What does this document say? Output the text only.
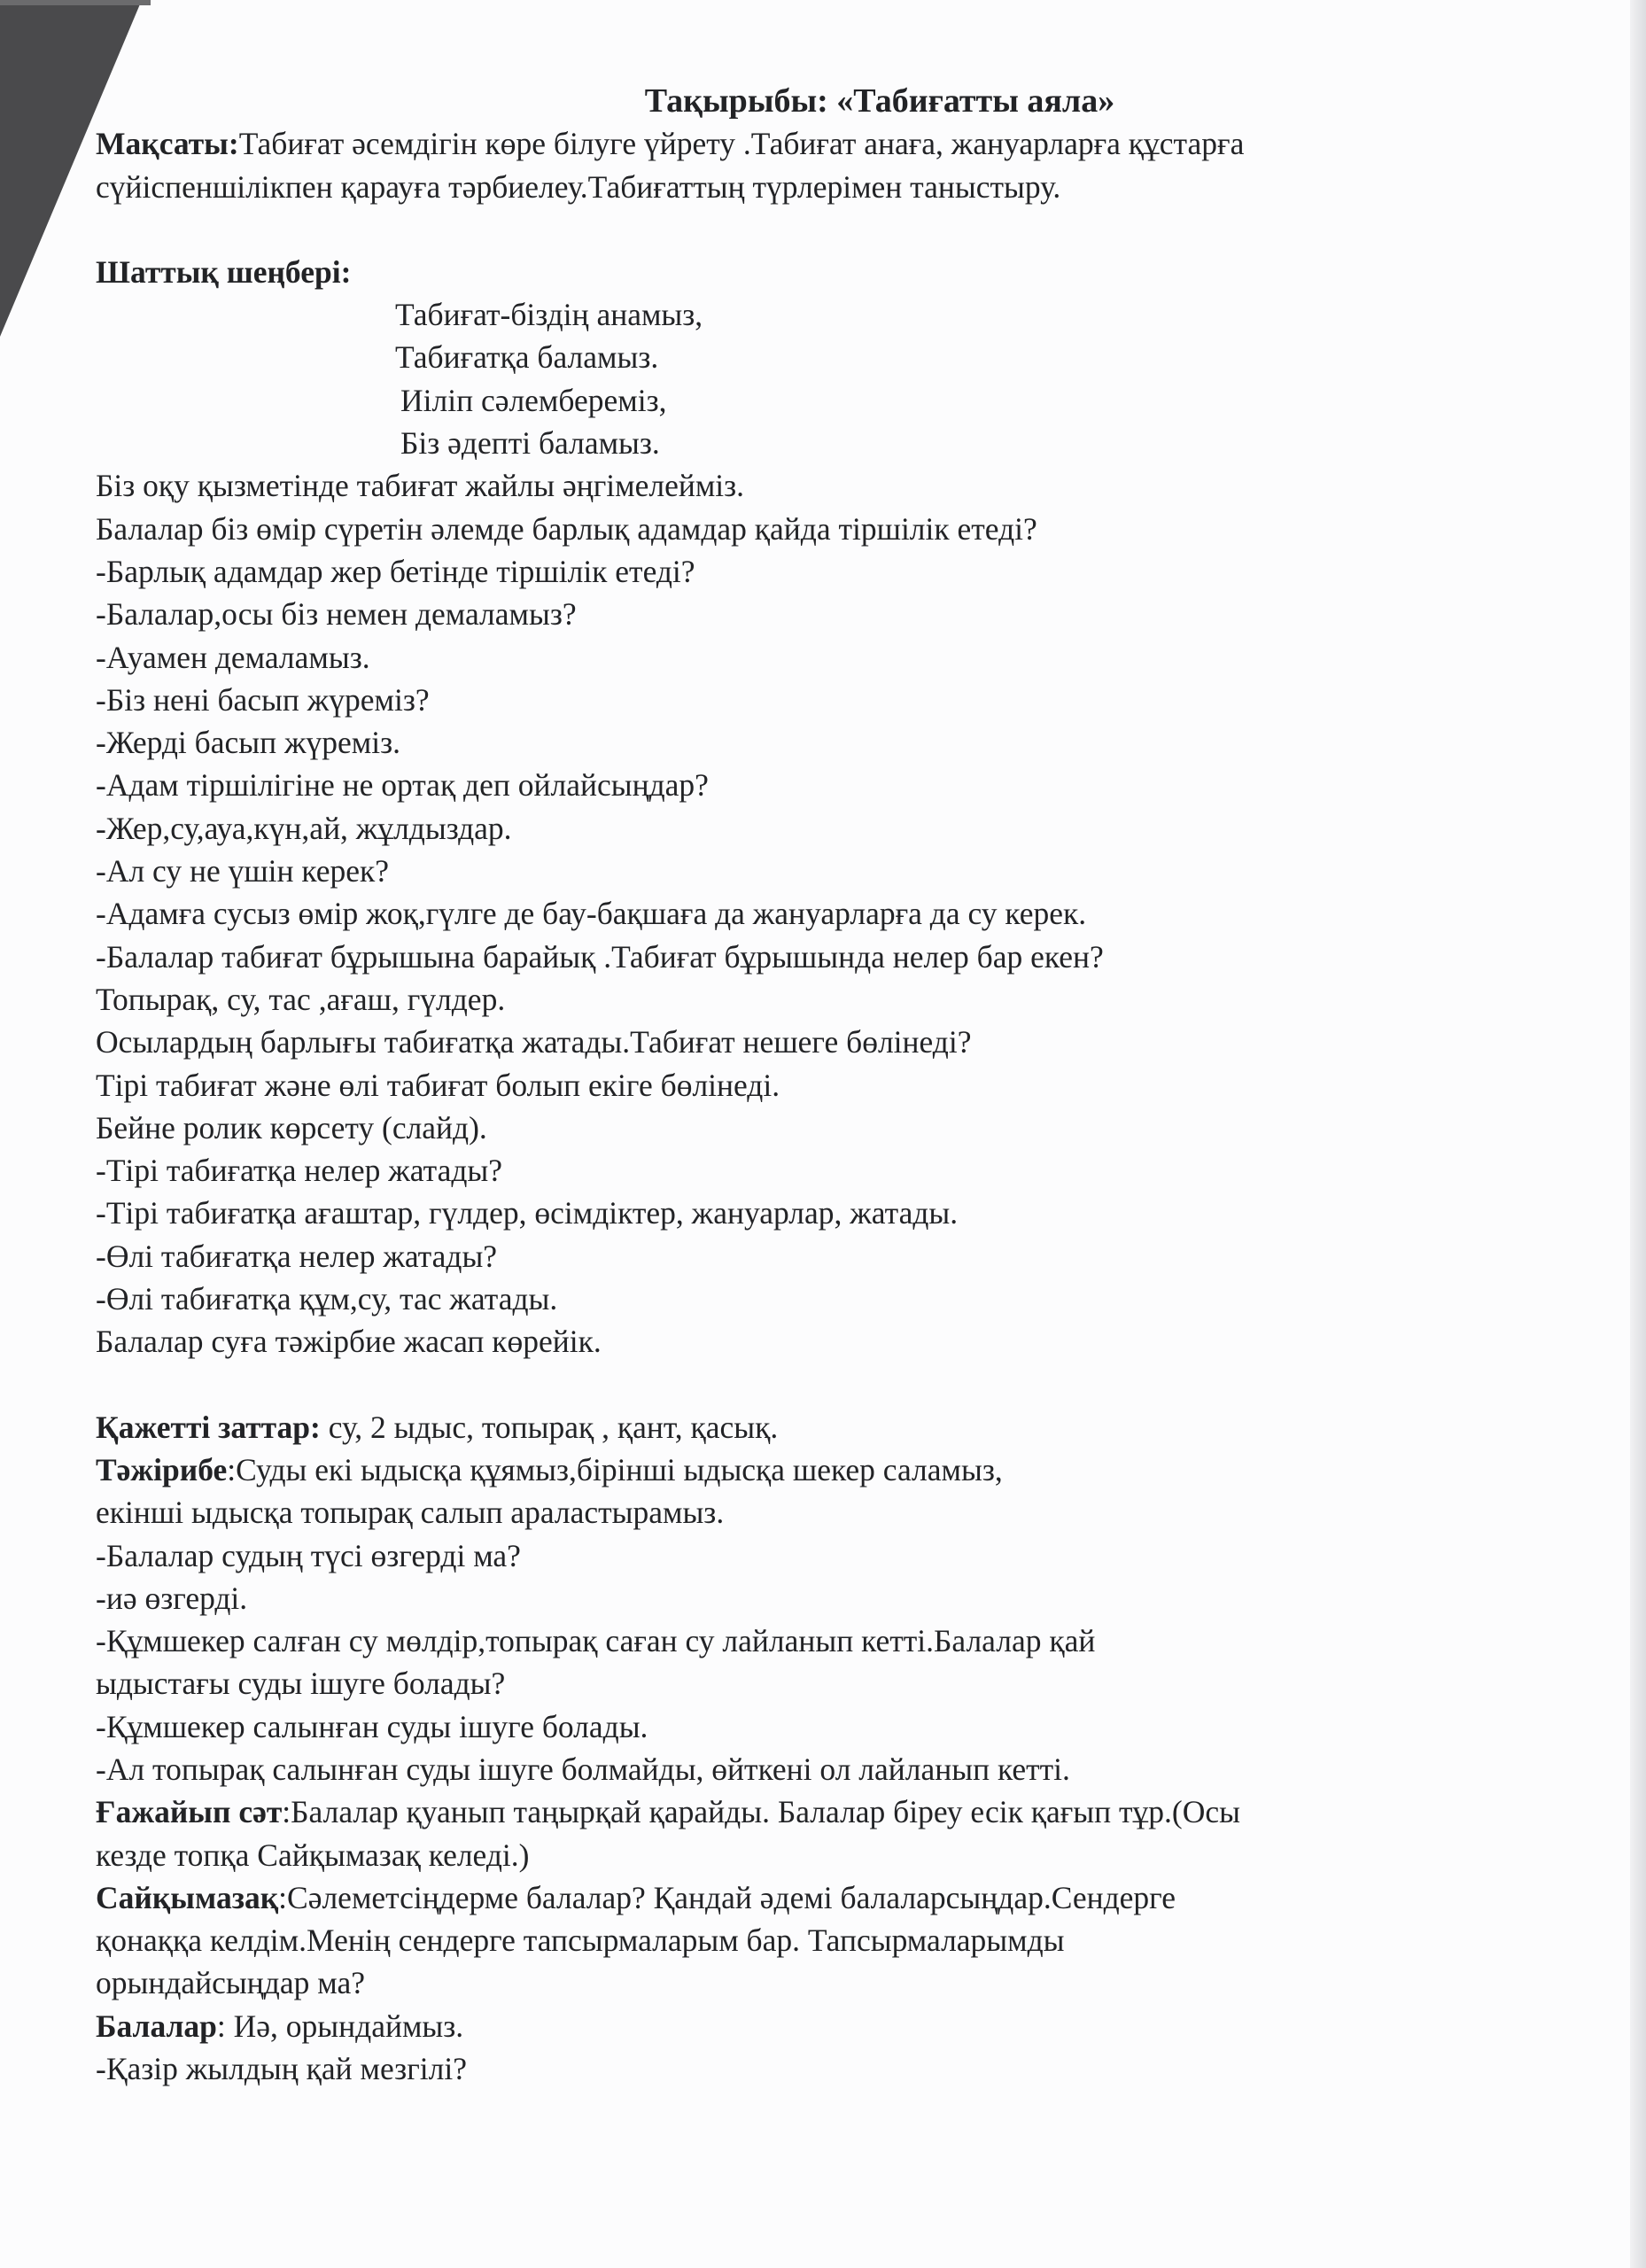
Тақырыбы: «Табиғатты аяла»

Мақсаты:Табиғат әсемдігін көре білуге үйрету .Табиғат анаға, жануарларға құстарға

сүйіспеншілікпен қарауға тәрбиелеу.Табиғаттың түрлерімен таныстыру.

Шаттық шеңбері:

Табиғат-біздің анамыз,

Табиғатқа баламыз.

Иіліп сәлембереміз,

Біз әдепті баламыз.

Біз оқу қызметінде табиғат жайлы әңгімелейміз.

Балалар біз өмір сүретін әлемде барлық адамдар қайда тіршілік етеді?

-Барлық адамдар жер бетінде тіршілік етеді?

-Балалар,осы біз немен демаламыз?

-Ауамен демаламыз.

-Біз нені басып жүреміз?

-Жерді басып жүреміз.

-Адам тіршілігіне не ортақ деп ойлайсыңдар?

-Жер,су,ауа,күн,ай, жұлдыздар.

-Ал су не үшін керек?

-Адамға сусыз өмір жоқ,гүлге де бау-бақшаға да жануарларға да су керек.

-Балалар табиғат бұрышына барайық .Табиғат бұрышында нелер бар екен?

Топырақ, су, тас ,ағаш, гүлдер.

Осылардың барлығы табиғатқа жатады.Табиғат нешеге бөлінеді?

Тірі табиғат және өлі табиғат болып екіге бөлінеді.

Бейне ролик көрсету (слайд).

-Тірі табиғатқа нелер жатады?

-Тірі табиғатқа ағаштар, гүлдер, өсімдіктер, жануарлар, жатады.

-Өлі табиғатқа нелер жатады?

-Өлі табиғатқа құм,су, тас жатады.

Балалар суға тәжірбие жасап көрейік.

Қажетті заттар: су, 2 ыдыс, топырақ , қант, қасық.

Тәжірибе:Суды екі ыдысқа құямыз,бірінші ыдысқа шекер саламыз,

екінші ыдысқа топырақ салып араластырамыз.

-Балалар судың түсі өзгерді ма?

-иә өзгерді.

-Құмшекер салған су мөлдір,топырақ саған су лайланып кетті.Балалар қай

ыдыстағы суды ішуге болады?

-Құмшекер салынған суды ішуге болады.

-Ал топырақ салынған суды ішуге болмайды, өйткені ол лайланып кетті.

Ғажайып сәт:Балалар қуанып таңырқай қарайды. Балалар біреу есік қағып тұр.(Осы

кезде топқа Сайқымазақ келеді.)

Сайқымазақ:Сәлеметсіңдерме балалар? Қандай әдемі балаларсыңдар.Сендерге

қонаққа келдім.Менің сендерге тапсырмаларым бар. Тапсырмаларымды

орындайсыңдар ма?

Балалар: Иә, орындаймыз.

-Қазір жылдың қай мезгілі?
